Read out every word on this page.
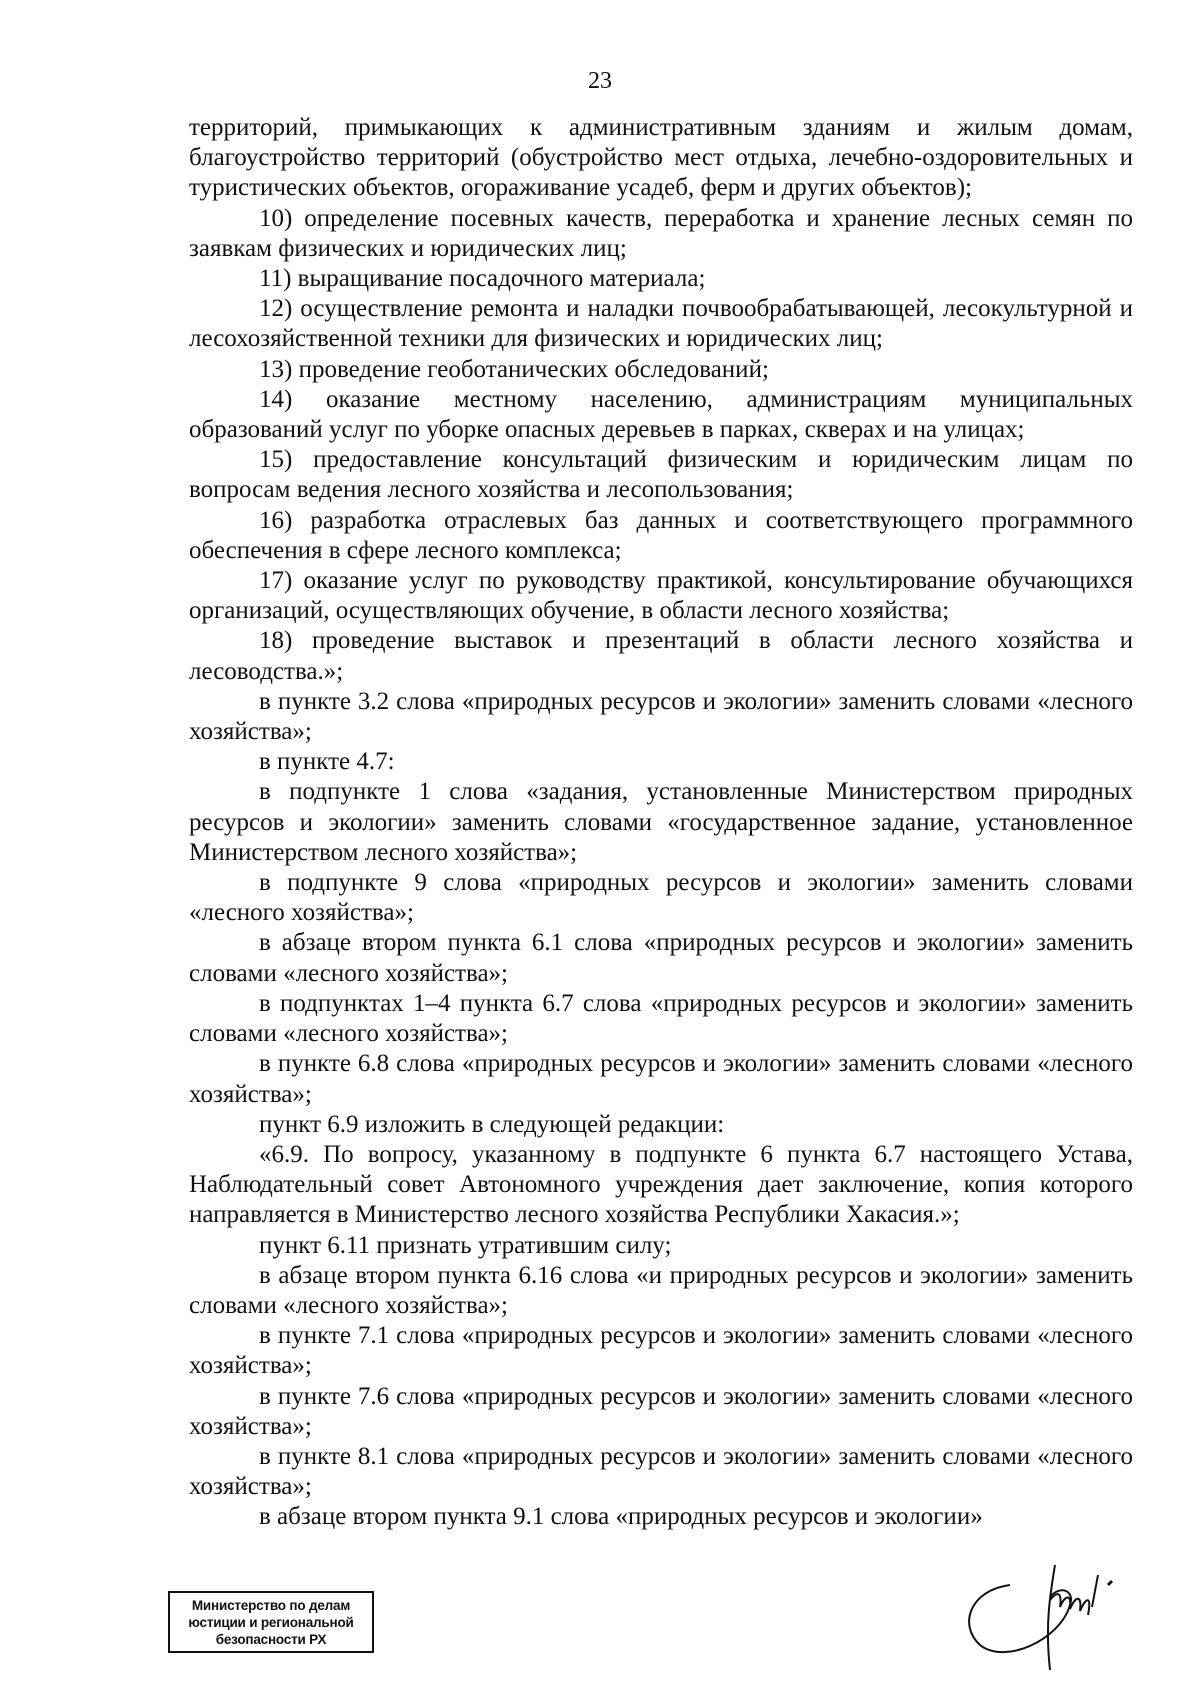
23

территорий, примыкающих к административным зданиям и жилым домам, благоустройство территорий (обустройство мест отдыха, лечебно-оздоровительных и туристических объектов, огораживание усадеб, ферм и других объектов);

10) определение посевных качеств, переработка и хранение лесных семян по заявкам физических и юридических лиц;

11) выращивание посадочного материала;

12) осуществление ремонта и наладки почвообрабатывающей, лесокультурной и лесохозяйственной техники для физических и юридических лиц;

13) проведение геоботанических обследований;

14) оказание местному населению, администрациям муниципальных образований услуг по уборке опасных деревьев в парках, скверах и на улицах;

15) предоставление консультаций физическим и юридическим лицам по вопросам ведения лесного хозяйства и лесопользования;

16) разработка отраслевых баз данных и соответствующего программного обеспечения в сфере лесного комплекса;

17) оказание услуг по руководству практикой, консультирование обучающихся организаций, осуществляющих обучение, в области лесного хозяйства;

18) проведение выставок и презентаций в области лесного хозяйства и лесоводства.»;

в пункте 3.2 слова «природных ресурсов и экологии» заменить словами «лесного хозяйства»;

в пункте 4.7:

в подпункте 1 слова «задания, установленные Министерством природных ресурсов и экологии» заменить словами «государственное задание, установленное Министерством лесного хозяйства»;

в подпункте 9 слова «природных ресурсов и экологии» заменить словами «лесного хозяйства»;

в абзаце втором пункта 6.1 слова «природных ресурсов и экологии» заменить словами «лесного хозяйства»;

в подпунктах 1–4 пункта 6.7 слова «природных ресурсов и экологии» заменить словами «лесного хозяйства»;

в пункте 6.8 слова «природных ресурсов и экологии» заменить словами «лесного хозяйства»;

пункт 6.9 изложить в следующей редакции:

«6.9. По вопросу, указанному в подпункте 6 пункта 6.7 настоящего Устава, Наблюдательный совет Автономного учреждения дает заключение, копия которого направляется в Министерство лесного хозяйства Республики Хакасия.»;

пункт 6.11 признать утратившим силу;

в абзаце втором пункта 6.16 слова «и природных ресурсов и экологии» заменить словами «лесного хозяйства»;

в пункте 7.1 слова «природных ресурсов и экологии» заменить словами «лесного хозяйства»;

в пункте 7.6 слова «природных ресурсов и экологии» заменить словами «лесного хозяйства»;

в пункте 8.1 слова «природных ресурсов и экологии» заменить словами «лесного хозяйства»;

в абзаце втором пункта 9.1 слова «природных ресурсов и экологии»

Министерство по делам
юстиции и региональной
безопасности РХ
